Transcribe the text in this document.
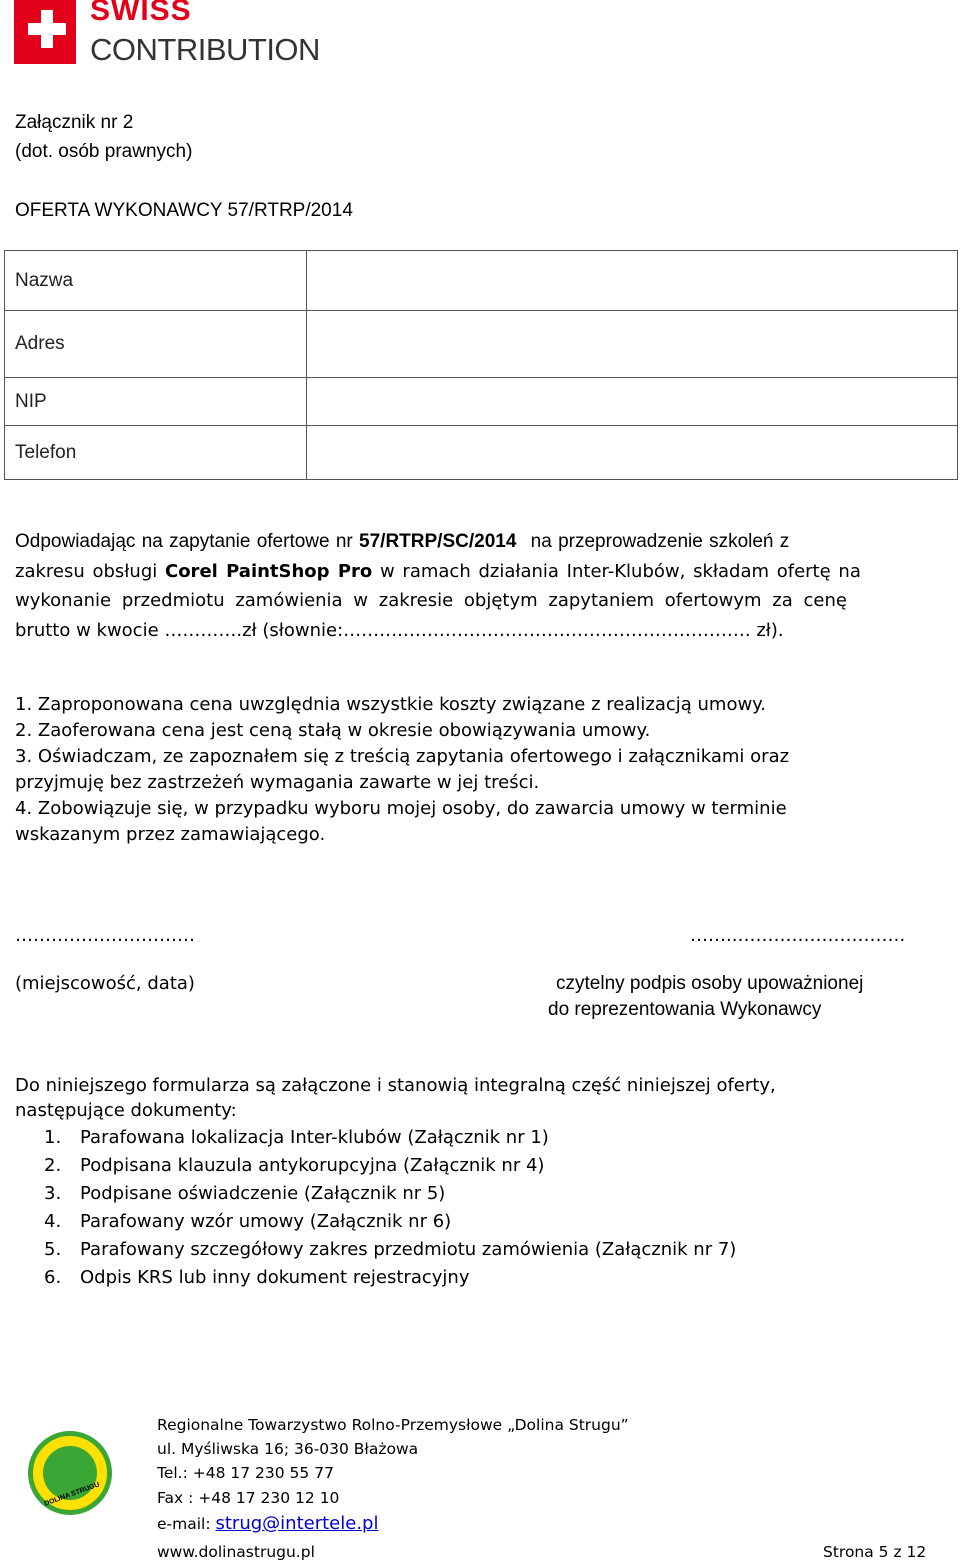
SWISS
CONTRIBUTION
Załącznik nr 2
(dot. osób prawnych)
OFERTA WYKONAWCY 57/RTRP/2014
Nazwa	
Adres	
NIP	
Telefon	
Odpowiadając na zapytanie ofertowe nr 57/RTRP/SC/2014 na przeprowadzenie szkoleń z
zakresu obsługi Corel PaintShop Pro w ramach działania Inter-Klubów, składam ofertę na
wykonanie przedmiotu zamówienia w zakresie objętym zapytaniem ofertowym za cenę
brutto w kwocie ………….zł (słownie:……….…………………………………………………. zł).
1. Zaproponowana cena uwzględnia wszystkie koszty związane z realizacją umowy.
2. Zaoferowana cena jest ceną stałą w okresie obowiązywania umowy.
3. Oświadczam, ze zapoznałem się z treścią zapytania ofertowego i załącznikami oraz
przyjmuję bez zastrzeżeń wymagania zawarte w jej treści.
4. Zobowiązuje się, w przypadku wyboru mojej osoby, do zawarcia umowy w terminie
wskazanym przez zamawiającego.
…………………………	……..……………………….
(miejscowość, data)	czytelny podpis osoby upoważnionej
do reprezentowania Wykonawcy
Do niniejszego formularza są załączone i stanowią integralną część niniejszej oferty,
następujące dokumenty:
1. Parafowana lokalizacja Inter-klubów (Załącznik nr 1)
2. Podpisana klauzula antykorupcyjna (Załącznik nr 4)
3. Podpisane oświadczenie (Załącznik nr 5)
4. Parafowany wzór umowy (Załącznik nr 6)
5. Parafowany szczegółowy zakres przedmiotu zamówienia (Załącznik nr 7)
6. Odpis KRS lub inny dokument rejestracyjny
DOLINA STRUGU
Regionalne Towarzystwo Rolno-Przemysłowe „Dolina Strugu”
ul. Myśliwska 16; 36-030 Błażowa
Tel.: +48 17 230 55 77
Fax : +48 17 230 12 10
e-mail: strug@intertele.pl
www.dolinastrugu.pl	Strona 5 z 12
